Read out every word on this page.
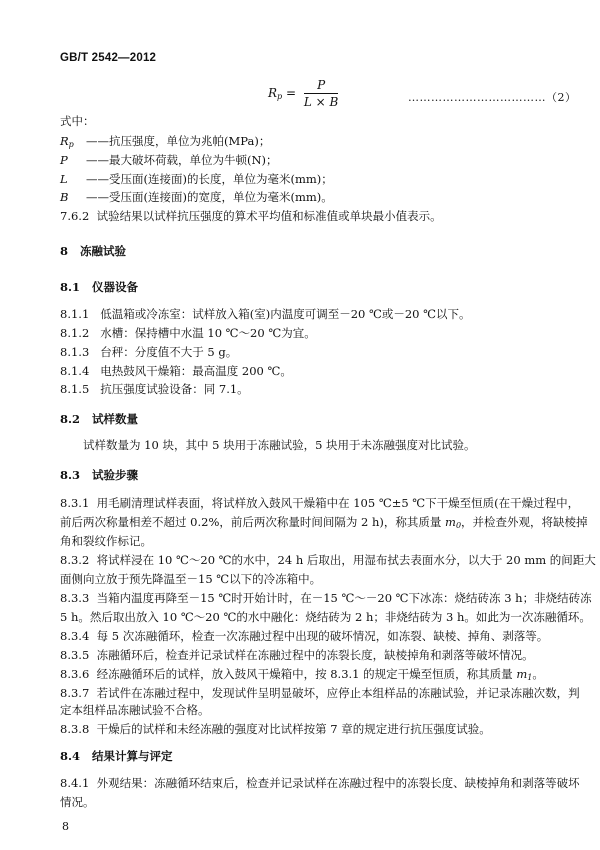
GB/T 2542—2012
$R_p = \frac{P}{L \times B}$	………………………………（2）
式中：
$R_p$ ——抗压强度，单位为兆帕(MPa)；
P ——最大破坏荷载，单位为牛顿(N)；
L ——受压面(连接面)的长度，单位为毫米(mm)；
B ——受压面(连接面)的宽度，单位为毫米(mm)。
7.6.2 试验结果以试样抗压强度的算术平均值和标准值或单块最小值表示。
8 冻融试验
8.1 仪器设备
8.1.1 低温箱或冷冻室：试样放入箱(室)内温度可调至－20 ℃或－20 ℃以下。
8.1.2 水槽：保持槽中水温 10 ℃～20 ℃为宜。
8.1.3 台秤：分度值不大于 5 g。
8.1.4 电热鼓风干燥箱：最高温度 200 ℃。
8.1.5 抗压强度试验设备：同 7.1。
8.2 试样数量
试样数量为 10 块，其中 5 块用于冻融试验，5 块用于未冻融强度对比试验。
8.3 试验步骤
8.3.1 用毛刷清理试样表面，将试样放入鼓风干燥箱中在 105 ℃±5 ℃下干燥至恒质(在干燥过程中，
前后两次称量相差不超过 0.2%，前后两次称量时间间隔为 2 h)，称其质量 $m_0$，并检查外观，将缺棱掉
角和裂纹作标记。
8.3.2 将试样浸在 10 ℃～20 ℃的水中，24 h 后取出，用湿布拭去表面水分，以大于 20 mm 的间距大
面侧向立放于预先降温至－15 ℃以下的冷冻箱中。
8.3.3 当箱内温度再降至－15 ℃时开始计时，在－15 ℃～－20 ℃下冰冻：烧结砖冻 3 h；非烧结砖冻
5 h。然后取出放入 10 ℃～20 ℃的水中融化：烧结砖为 2 h；非烧结砖为 3 h。如此为一次冻融循环。
8.3.4 每 5 次冻融循环，检查一次冻融过程中出现的破坏情况，如冻裂、缺棱、掉角、剥落等。
8.3.5 冻融循环后，检查并记录试样在冻融过程中的冻裂长度，缺棱掉角和剥落等破坏情况。
8.3.6 经冻融循环后的试样，放入鼓风干燥箱中，按 8.3.1 的规定干燥至恒质，称其质量 $m_1$。
8.3.7 若试件在冻融过程中，发现试件呈明显破坏，应停止本组样品的冻融试验，并记录冻融次数，判
定本组样品冻融试验不合格。
8.3.8 干燥后的试样和未经冻融的强度对比试样按第 7 章的规定进行抗压强度试验。
8.4 结果计算与评定
8.4.1 外观结果：冻融循环结束后，检查并记录试样在冻融过程中的冻裂长度、缺棱掉角和剥落等破坏
情况。
8
